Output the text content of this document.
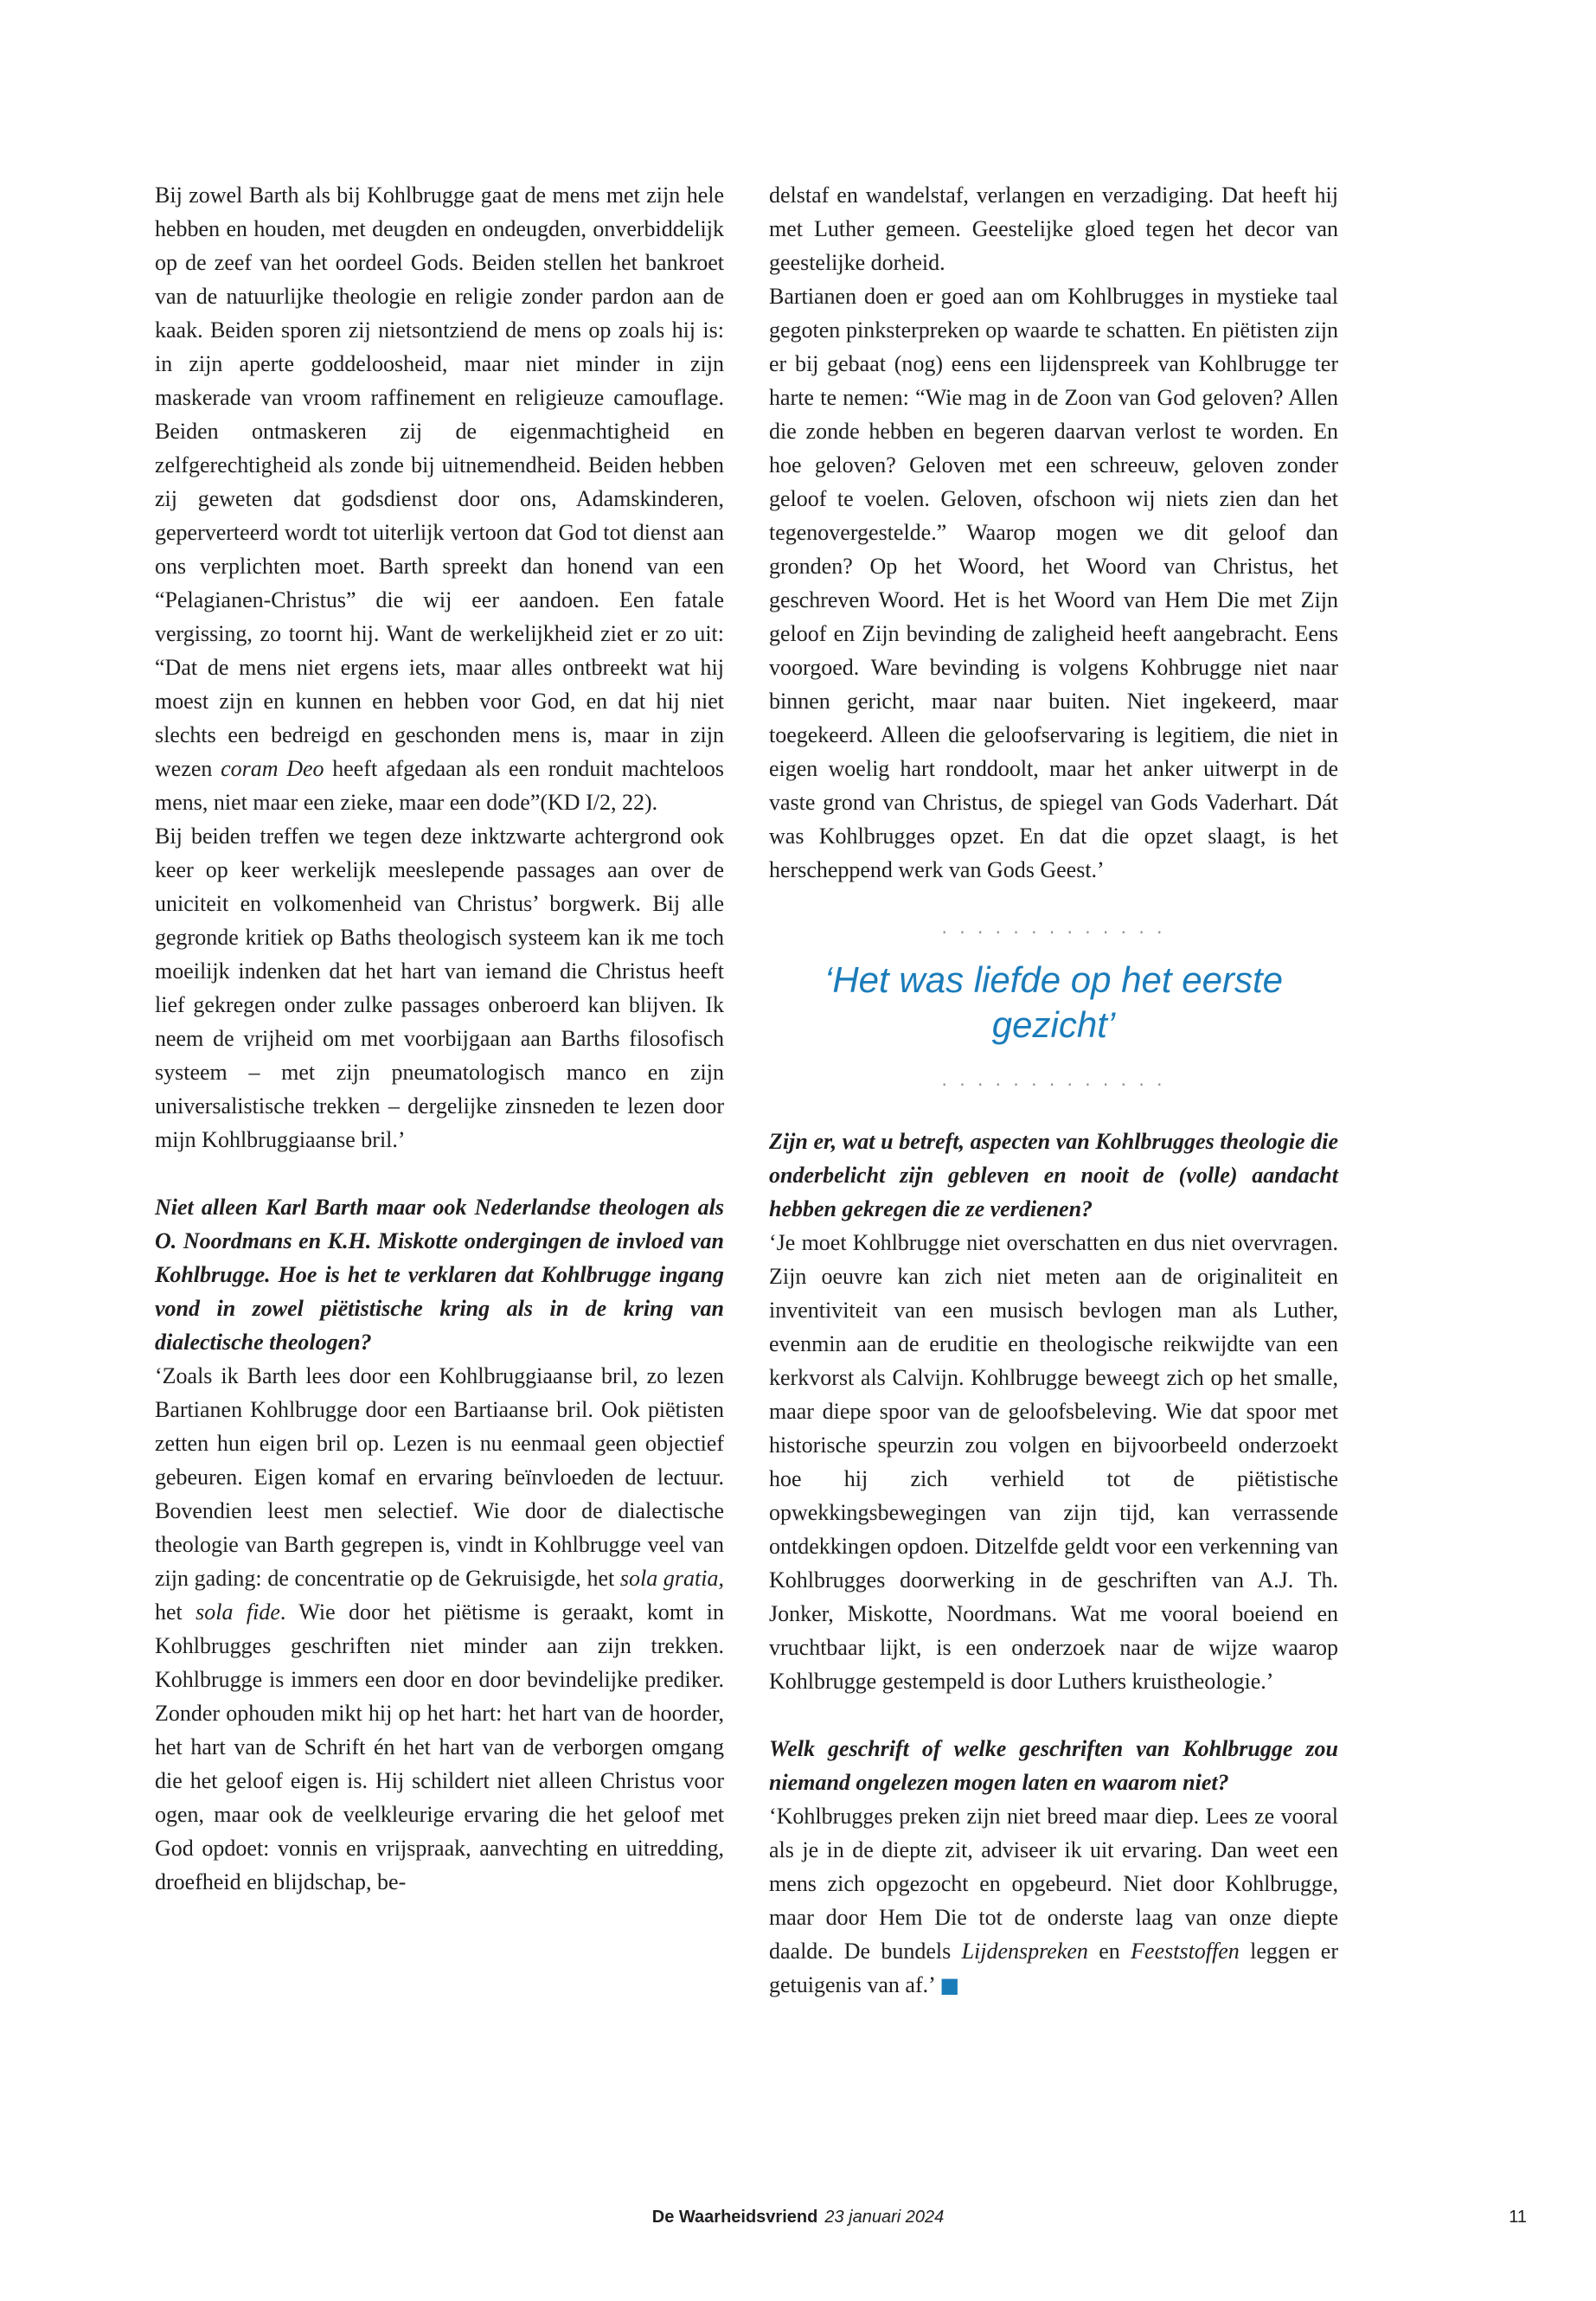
Bij zowel Barth als bij Kohlbrugge gaat de mens met zijn hele hebben en houden, met deugden en ondeugden, onverbiddelijk op de zeef van het oordeel Gods. Beiden stellen het bankroet van de natuurlijke theologie en religie zonder pardon aan de kaak. Beiden sporen zij nietsontziend de mens op zoals hij is: in zijn aperte goddeloosheid, maar niet minder in zijn maskerade van vroom raffinement en religieuze camouflage. Beiden ontmaskeren zij de eigenmachtigheid en zelfgerechtigheid als zonde bij uitnemendheid. Beiden hebben zij geweten dat godsdienst door ons, Adamskinderen, geperverteerd wordt tot uiterlijk vertoon dat God tot dienst aan ons verplichten moet. Barth spreekt dan honend van een “Pelagianen-Christus” die wij eer aandoen. Een fatale vergissing, zo toornt hij. Want de werkelijkheid ziet er zo uit: “Dat de mens niet ergens iets, maar alles ontbreekt wat hij moest zijn en kunnen en hebben voor God, en dat hij niet slechts een bedreigd en geschonden mens is, maar in zijn wezen coram Deo heeft afgedaan als een ronduit machteloos mens, niet maar een zieke, maar een dode”(KD I/2, 22).

Bij beiden treffen we tegen deze inktzwarte achtergrond ook keer op keer werkelijk meeslepende passages aan over de uniciteit en volkomenheid van Christus’ borgwerk. Bij alle gegronde kritiek op Baths theologisch systeem kan ik me toch moeilijk indenken dat het hart van iemand die Christus heeft lief gekregen onder zulke passages onberoerd kan blijven. Ik neem de vrijheid om met voorbijgaan aan Barths filosofisch systeem – met zijn pneumatologisch manco en zijn universalistische trekken – dergelijke zinsneden te lezen door mijn Kohlbruggiaanse bril.’

Niet alleen Karl Barth maar ook Nederlandse theologen als O. Noordmans en K.H. Miskotte ondergingen de invloed van Kohlbrugge. Hoe is het te verklaren dat Kohlbrugge ingang vond in zowel piëtistische kring als in de kring van dialectische theologen?

‘Zoals ik Barth lees door een Kohlbruggiaanse bril, zo lezen Bartianen Kohlbrugge door een Bartiaanse bril. Ook piëtisten zetten hun eigen bril op. Lezen is nu eenmaal geen objectief gebeuren. Eigen komaf en ervaring beïnvloeden de lectuur. Bovendien leest men selectief. Wie door de dialectische theologie van Barth gegrepen is, vindt in Kohlbrugge veel van zijn gading: de concentratie op de Gekruisigde, het sola gratia, het sola fide. Wie door het piëtisme is geraakt, komt in Kohlbrugges geschriften niet minder aan zijn trekken. Kohlbrugge is immers een door en door bevindelijke prediker. Zonder ophouden mikt hij op het hart: het hart van de hoorder, het hart van de Schrift én het hart van de verborgen omgang die het geloof eigen is. Hij schildert niet alleen Christus voor ogen, maar ook de veelkleurige ervaring die het geloof met God opdoet: vonnis en vrijspraak, aanvechting en uitredding, droefheid en blijdschap, be-

delstaf en wandelstaf, verlangen en verzadiging. Dat heeft hij met Luther gemeen. Geestelijke gloed tegen het decor van geestelijke dorheid.

Bartianen doen er goed aan om Kohlbrugges in mystieke taal gegoten pinksterpreken op waarde te schatten. En piëtisten zijn er bij gebaat (nog) eens een lijdenspreek van Kohlbrugge ter harte te nemen: “Wie mag in de Zoon van God geloven? Allen die zonde hebben en begeren daarvan verlost te worden. En hoe geloven? Geloven met een schreeuw, geloven zonder geloof te voelen. Geloven, ofschoon wij niets zien dan het tegenovergestelde.” Waarop mogen we dit geloof dan gronden? Op het Woord, het Woord van Christus, het geschreven Woord. Het is het Woord van Hem Die met Zijn geloof en Zijn bevinding de zaligheid heeft aangebracht. Eens voorgoed. Ware bevinding is volgens Kohbrugge niet naar binnen gericht, maar naar buiten. Niet ingekeerd, maar toegekeerd. Alleen die geloofservaring is legitiem, die niet in eigen woelig hart ronddoolt, maar het anker uitwerpt in de vaste grond van Christus, de spiegel van Gods Vaderhart. Dát was Kohlbrugges opzet. En dat die opzet slaagt, is het herscheppend werk van Gods Geest.’

. . . . . . . . . . . . .
‘Het was liefde op het eerste gezicht’
. . . . . . . . . . . . .

Zijn er, wat u betreft, aspecten van Kohlbrugges theologie die onderbelicht zijn gebleven en nooit de (volle) aandacht hebben gekregen die ze verdienen?

‘Je moet Kohlbrugge niet overschatten en dus niet overvragen. Zijn oeuvre kan zich niet meten aan de originaliteit en inventiviteit van een musisch bevlogen man als Luther, evenmin aan de eruditie en theologische reikwijdte van een kerkvorst als Calvijn. Kohlbrugge beweegt zich op het smalle, maar diepe spoor van de geloofsbeleving. Wie dat spoor met historische speurzin zou volgen en bijvoorbeeld onderzoekt hoe hij zich verhield tot de piëtistische opwekkingsbewegingen van zijn tijd, kan verrassende ontdekkingen opdoen. Ditzelfde geldt voor een verkenning van Kohlbrugges doorwerking in de geschriften van A.J. Th. Jonker, Miskotte, Noordmans. Wat me vooral boeiend en vruchtbaar lijkt, is een onderzoek naar de wijze waarop Kohlbrugge gestempeld is door Luthers kruistheologie.’

Welk geschrift of welke geschriften van Kohlbrugge zou niemand ongelezen mogen laten en waarom niet?

‘Kohlbrugges preken zijn niet breed maar diep. Lees ze vooral als je in de diepte zit, adviseer ik uit ervaring. Dan weet een mens zich opgezocht en opgebeurd. Niet door Kohlbrugge, maar door Hem Die tot de onderste laag van onze diepte daalde. De bundels Lijdenspreken en Feeststoffen leggen er getuigenis van af.’ ■

De Waarheidsvriend 23 januari 2024	11
